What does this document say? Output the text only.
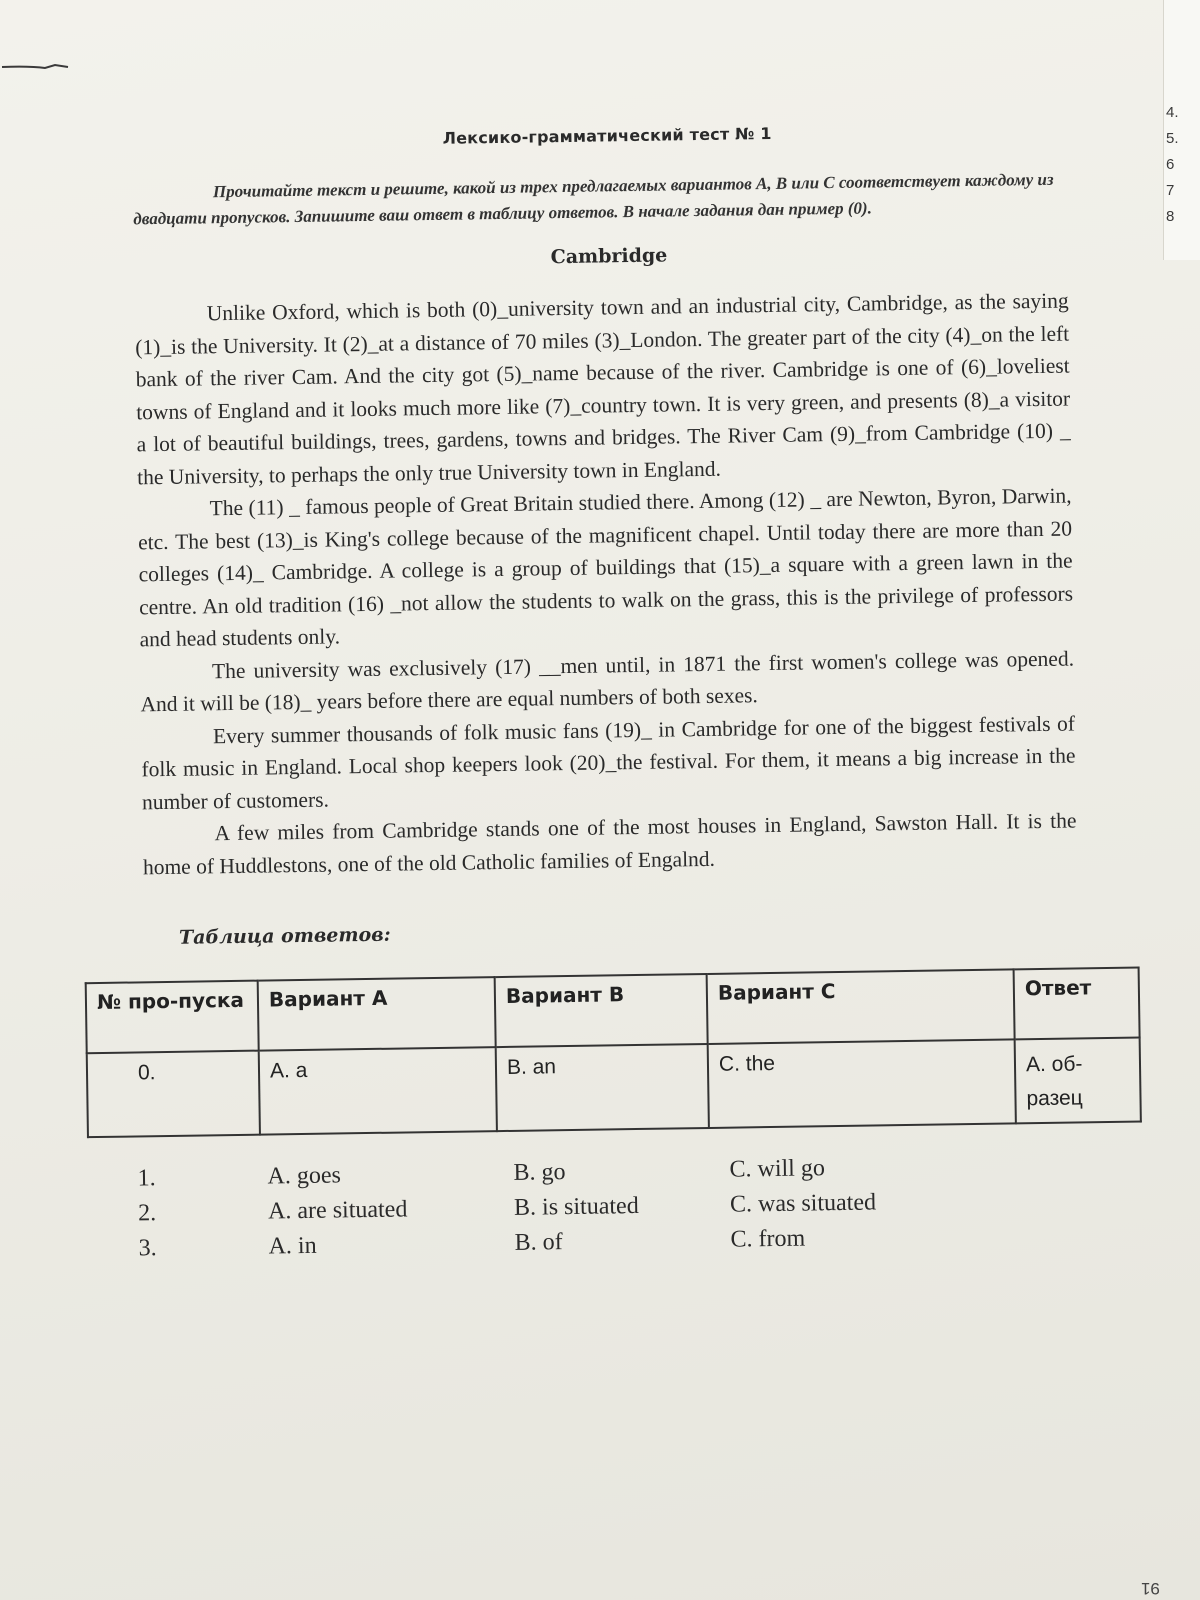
4.
5.
6
7
8
Лексико-грамматический тест № 1
Прочитайте текст и решите, какой из трех предлагаемых вариантов А, В или С соответствует каждому из двадцати пропусков. Запишите ваш ответ в таблицу ответов. В начале задания дан пример (0).
Cambridge

Unlike Oxford, which is both (0)_university town and an industrial city, Cambridge, as the saying (1)_is the University. It (2)_at a distance of 70 miles (3)_London. The greater part of the city (4)_on the left bank of the river Cam. And the city got (5)_name because of the river. Cambridge is one of (6)_loveliest towns of England and it looks much more like (7)_country town. It is very green, and presents (8)_a visitor a lot of beautiful buildings, trees, gardens, towns and bridges. The River Cam (9)_from Cambridge (10) _ the University, to perhaps the only true University town in England.

The (11) _ famous people of Great Britain studied there. Among (12) _ are Newton, Byron, Darwin, etc. The best (13)_is King's college because of the magnificent chapel. Until today there are more than 20 colleges (14)_ Cambridge. A college is a group of buildings that (15)_a square with a green lawn in the centre. An old tradition (16) _not allow the students to walk on the grass, this is the privilege of professors and head students only.

The university was exclusively (17) __men until, in 1871 the first women's college was opened. And it will be (18)_ years before there are equal numbers of both sexes.

Every summer thousands of folk music fans (19)_ in Cambridge for one of the biggest festivals of folk music in England. Local shop keepers look (20)_the festival. For them, it means a big increase in the number of customers.

A few miles from Cambridge stands one of the most houses in England, Sawston Hall. It is the home of Huddlestons, one of the old Catholic families of Engalnd.

Таблица ответов:
№ про-пуска	Вариант А	Вариант В	Вариант С	Ответ
0.	A. a	B. an	C. the	A. об-разец
1.	A. goes	B. go	C. will go
2.	A. are situated	B. is situated	C. was situated
3.	A. in	B. of	C. from
91
